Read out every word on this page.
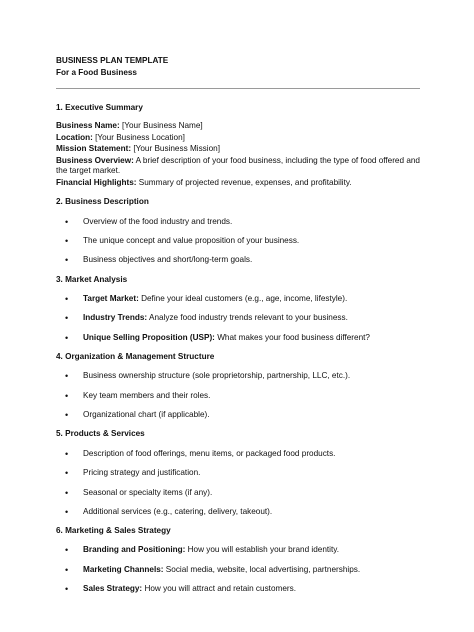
BUSINESS PLAN TEMPLATE

For a Food Business

1. Executive Summary

Business Name: [Your Business Name]

Location: [Your Business Location]

Mission Statement: [Your Business Mission]

Business Overview: A brief description of your food business, including the type of food offered and the target market.

Financial Highlights: Summary of projected revenue, expenses, and profitability.

2. Business Description

• Overview of the food industry and trends.
• The unique concept and value proposition of your business.
• Business objectives and short/long-term goals.

3. Market Analysis

• Target Market: Define your ideal customers (e.g., age, income, lifestyle).
• Industry Trends: Analyze food industry trends relevant to your business.
• Unique Selling Proposition (USP): What makes your food business different?

4. Organization & Management Structure

• Business ownership structure (sole proprietorship, partnership, LLC, etc.).
• Key team members and their roles.
• Organizational chart (if applicable).

5. Products & Services

• Description of food offerings, menu items, or packaged food products.
• Pricing strategy and justification.
• Seasonal or specialty items (if any).
• Additional services (e.g., catering, delivery, takeout).

6. Marketing & Sales Strategy

• Branding and Positioning: How you will establish your brand identity.
• Marketing Channels: Social media, website, local advertising, partnerships.
• Sales Strategy: How you will attract and retain customers.
